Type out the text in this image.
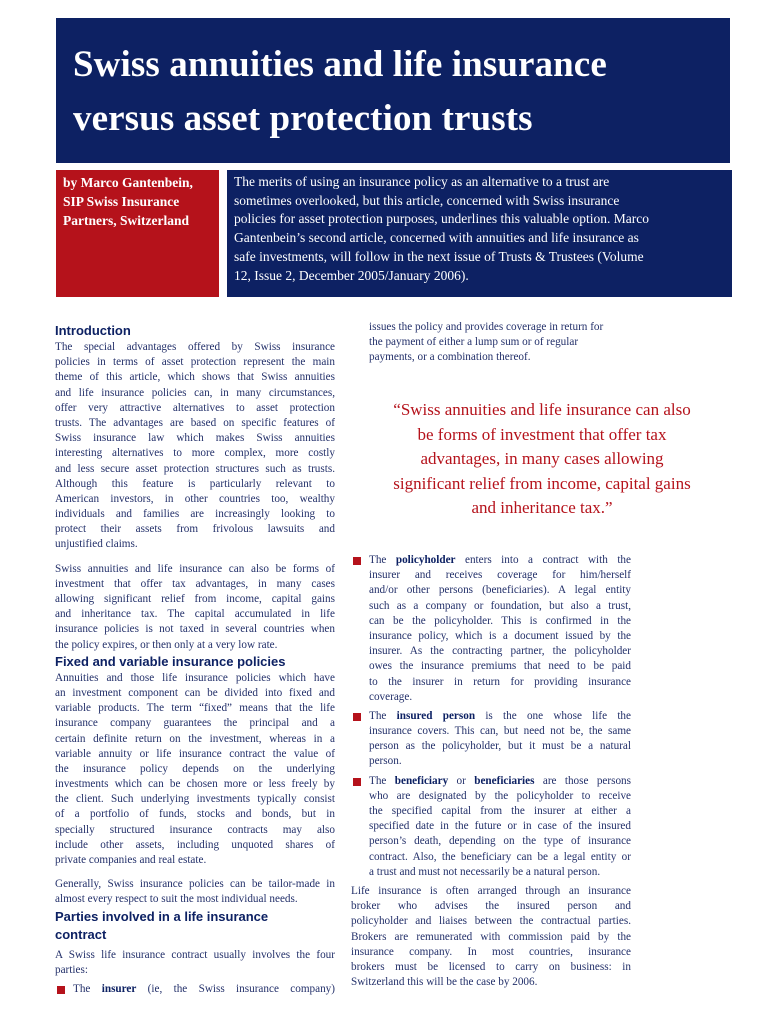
Swiss annuities and life insurance
versus asset protection trusts
by Marco Gantenbein,
SIP Swiss Insurance
Partners, Switzerland
The merits of using an insurance policy as an alternative to a trust are
sometimes overlooked, but this article, concerned with Swiss insurance
policies for asset protection purposes, underlines this valuable option. Marco
Gantenbein’s second article, concerned with annuities and life insurance as
safe investments, will follow in the next issue of Trusts & Trustees (Volume
12, Issue 2, December 2005/January 2006).
Introduction
The special advantages offered by Swiss insurance
policies in terms of asset protection represent the main
theme of this article, which shows that Swiss annuities
and life insurance policies can, in many circumstances,
offer very attractive alternatives to asset protection
trusts. The advantages are based on specific features of
Swiss insurance law which makes Swiss annuities
interesting alternatives to more complex, more costly
and less secure asset protection structures such as trusts.
Although this feature is particularly relevant to
American investors, in other countries too, wealthy
individuals and families are increasingly looking to
protect their assets from frivolous lawsuits and
unjustified claims.
Swiss annuities and life insurance can also be forms of
investment that offer tax advantages, in many cases
allowing significant relief from income, capital gains
and inheritance tax. The capital accumulated in life
insurance policies is not taxed in several countries when
the policy expires, or then only at a very low rate.
Fixed and variable insurance policies
Annuities and those life insurance policies which have
an investment component can be divided into fixed and
variable products. The term “fixed” means that the life
insurance company guarantees the principal and a
certain definite return on the investment, whereas in a
variable annuity or life insurance contract the value of
the insurance policy depends on the underlying
investments which can be chosen more or less freely by
the client. Such underlying investments typically consist
of a portfolio of funds, stocks and bonds, but in
specially structured insurance contracts may also
include other assets, including unquoted shares of
private companies and real estate.
Generally, Swiss insurance policies can be tailor-made in
almost every respect to suit the most individual needs.
Parties involved in a life insurance
contract
A Swiss life insurance contract usually involves the four
parties:
The insurer (ie, the Swiss insurance company)
issues the policy and provides coverage in return for
the payment of either a lump sum or of regular
payments, or a combination thereof.
“Swiss annuities and life insurance can also
be forms of investment that offer tax
advantages, in many cases allowing
significant relief from income, capital gains
and inheritance tax.”
The policyholder enters into a contract with the
insurer and receives coverage for him/herself
and/or other persons (beneficiaries). A legal entity
such as a company or foundation, but also a trust,
can be the policyholder. This is confirmed in the
insurance policy, which is a document issued by the
insurer. As the contracting partner, the policyholder
owes the insurance premiums that need to be paid
to the insurer in return for providing insurance
coverage.
The insured person is the one whose life the
insurance covers. This can, but need not be, the same
person as the policyholder, but it must be a natural
person.
The beneficiary or beneficiaries are those persons
who are designated by the policyholder to receive
the specified capital from the insurer at either a
specified date in the future or in case of the insured
person’s death, depending on the type of insurance
contract. Also, the beneficiary can be a legal entity or
a trust and must not necessarily be a natural person.
Life insurance is often arranged through an insurance
broker who advises the insured person and
policyholder and liaises between the contractual parties.
Brokers are remunerated with commission paid by the
insurance company. In most countries, insurance
brokers must be licensed to carry on business: in
Switzerland this will be the case by 2006.
